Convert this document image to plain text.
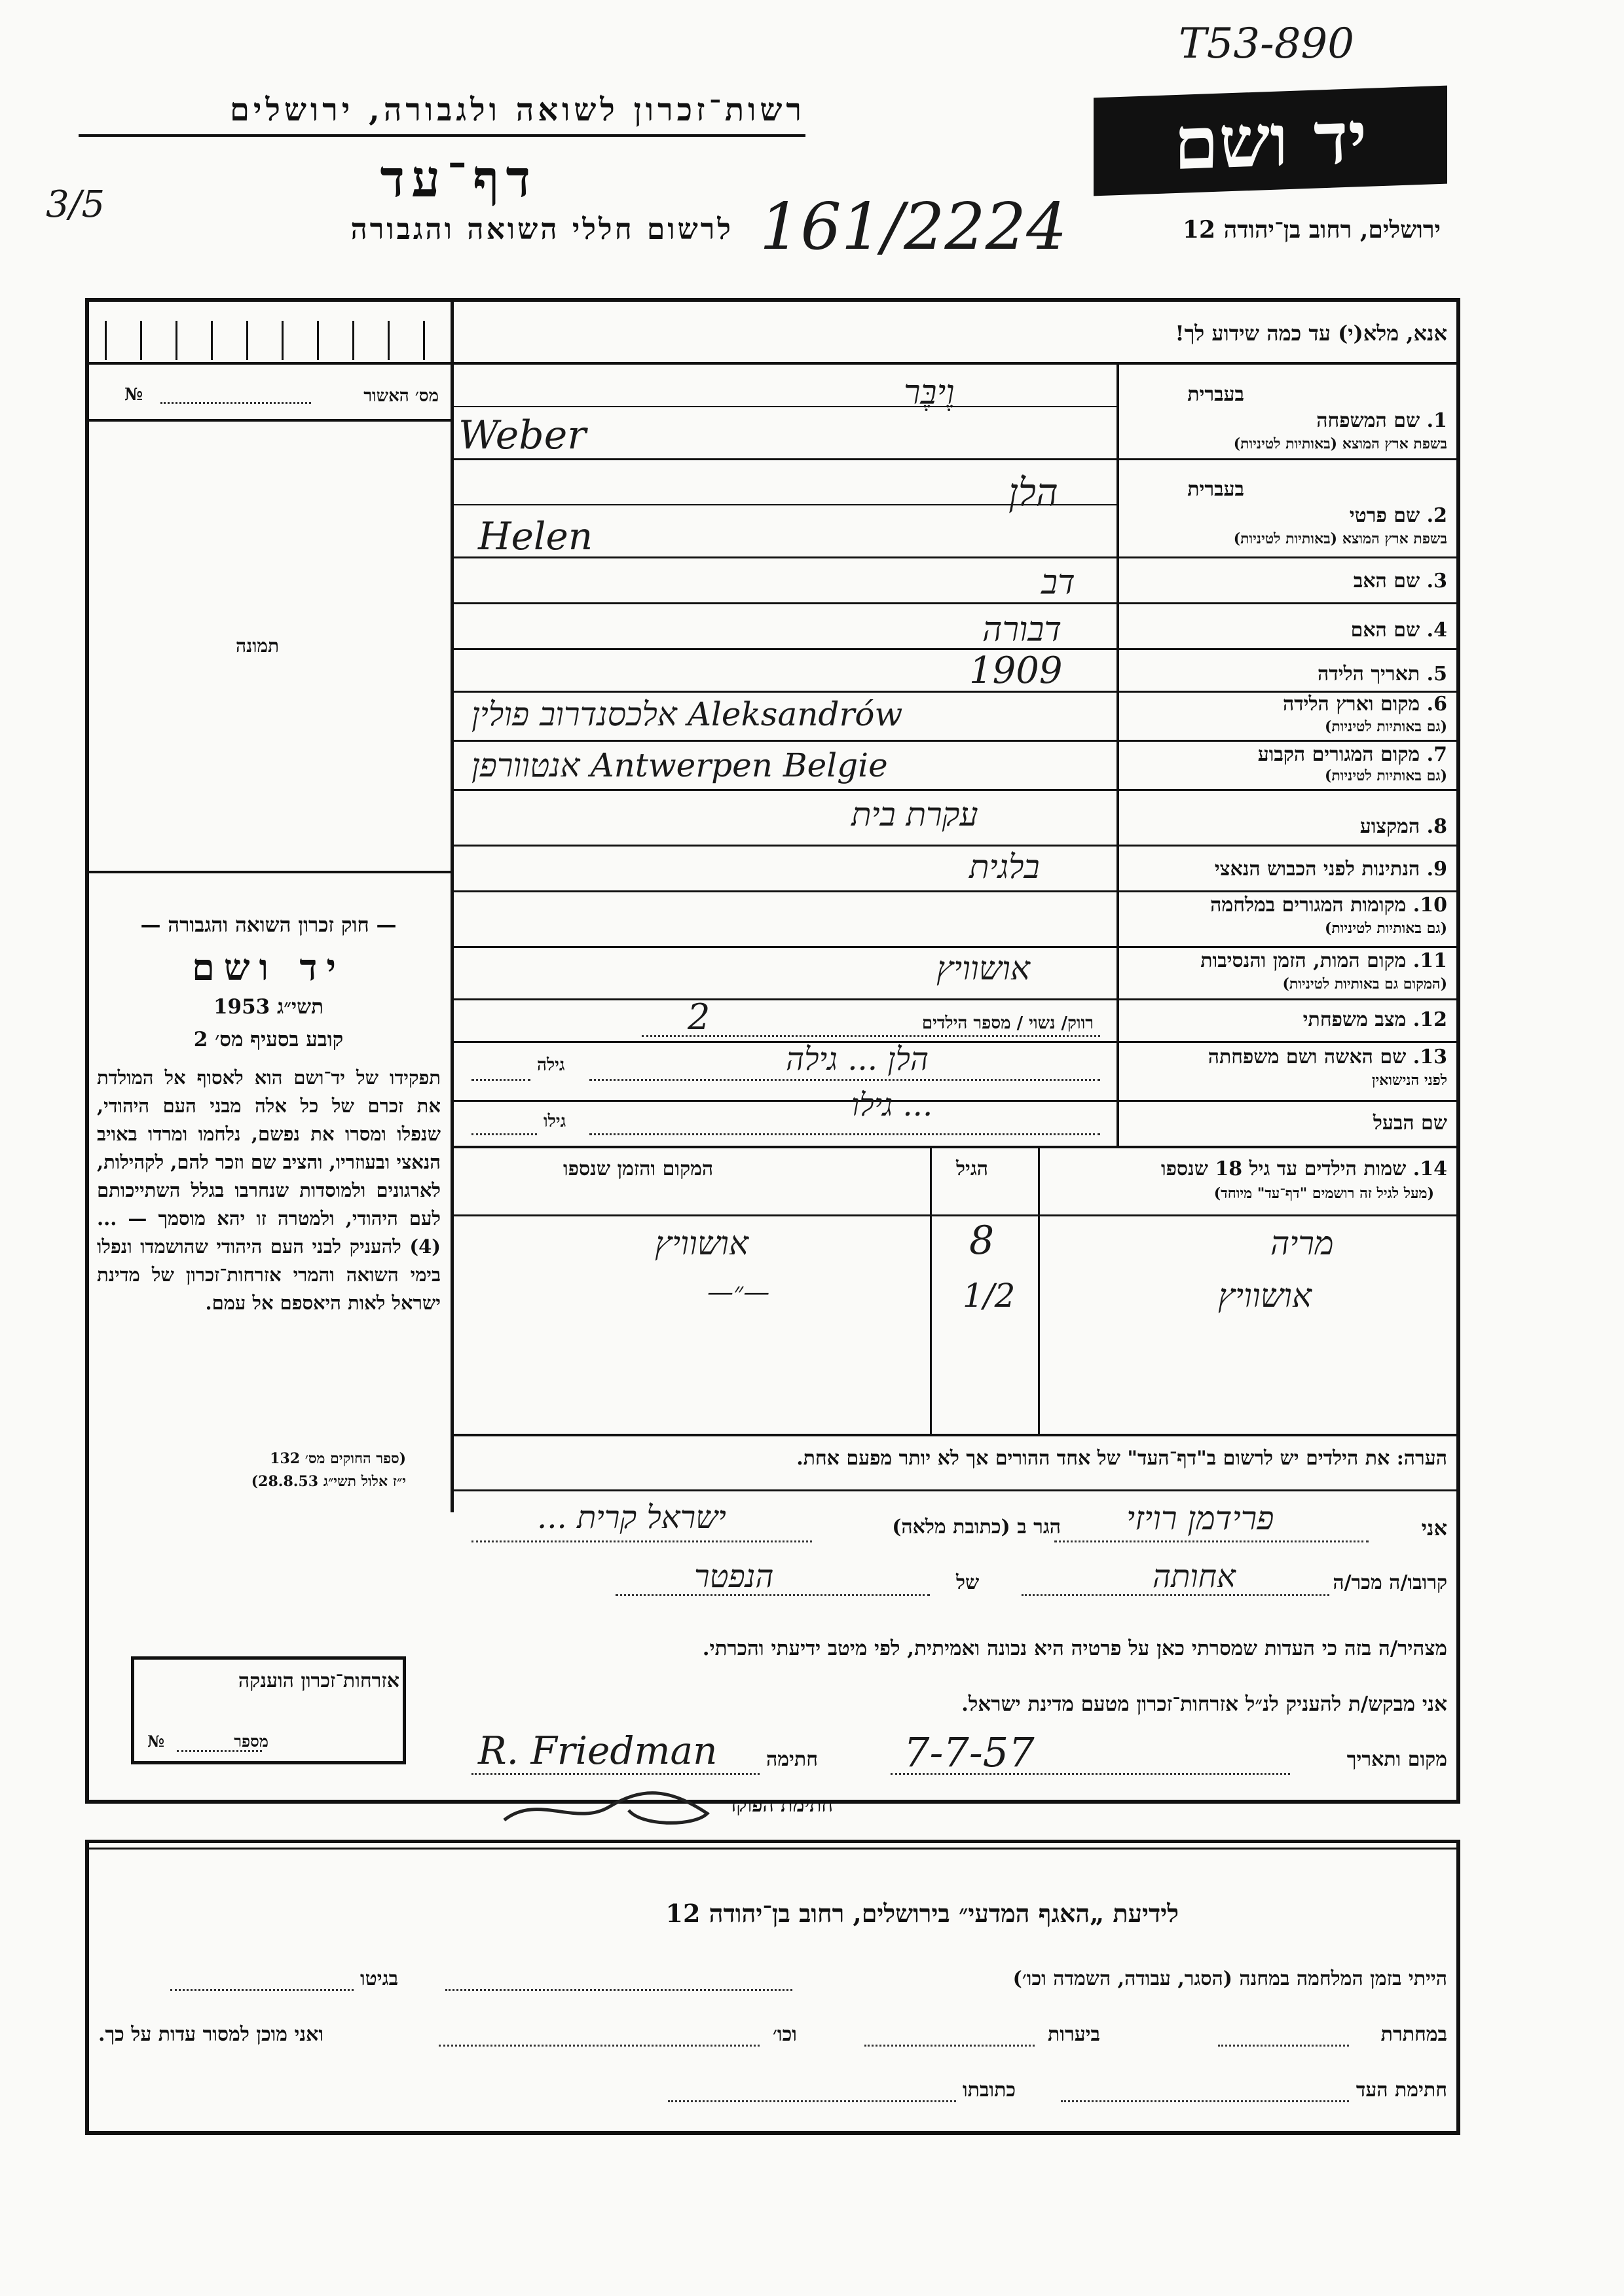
T53-890
רשות־זכרון לשואה ולגבורה, ירושלים
דף־עד
3/5
לרשום חללי השואה והגבורה 161/2224
יד ושם
ירושלים, רחוב בן־יהודה 12
אנא, מלא(י) עד כמה שידוע לך!
מס׳ האשור
№
תמונה
— חוק זכרון השואה והגבורה —
יד ושם
תשי״ג 1953
קובע בסעיף מס׳ 2
תפקידו של יד־ושם הוא לאסוף אל המולדת את זכרם של כל אלה מבני העם היהודי, שנפלו ומסרו את נפשם, נלחמו ומרדו באויב הנאצי ובעוזריו, והציב שם וזכר להם, לקהילות, לארגונים ולמוסדות שנחרבו בגלל השתייכותם לעם היהודי, ולמטרה זו יהא מוסמך — ... (4) להעניק לבני העם היהודי שהושמדו ונפלו בימי השואה והמרי אזרחות־זכרון של מדינת ישראל לאות היאספם אל עמם.
(ספר החוקים מס׳ 132
י״ז אלול תשי״ג 28.8.53)
בעברית
בעברית
1. שם המשפחה
בשפת ארץ המוצא (באותיות לטיניות)
2. שם פרטי
בשפת ארץ המוצא (באותיות לטיניות)
3. שם האב
4. שם האם
5. תאריך הלידה
6. מקום וארץ הלידה
(גם באותיות לטיניות)
7. מקום המגורים הקבוע
(גם באותיות לטיניות)
8. המקצוע
9. הנתינות לפני הכבוש הנאצי
10. מקומות המגורים במלחמה
(גם באותיות לטיניות)
11. מקום המות, הזמן והנסיבות
(המקום גם באותיות לטיניות)
12. מצב משפחתי
13. שם האשה ושם משפחתה
לפני הנישואין
שם הבעל
וֶיבֶּר
Weber
הלן
Helen
דב
דבורה
1909
אלכסנדרוב פולין Aleksandrów
אנטוורפן Antwerpen Belgie
עקרת בית
בלגית
אושוויץ
רווק/ נשוי / מספר הילדים
2
גילה	הלן ... גילה
גילו	... גילו
14. שמות הילדים עד גיל 18 שנספו
(מעל לגיל זה רושמים "דף־עד" מיוחד)
הגיל
המקום והזמן שנספו
מריה
8
אושוויץ
אושוויץ
1/2
—״—
הערה: את הילדים יש לרשום ב"דף־העד" של אחד ההורים אך לא יותר מפעם אחת.
אזרחות־זכרון הוענקה
מספר
№
אני
פרידמן רויזי
הגר ב (כתובת מלאה)
ישראל קרית ...
קרובו/ה מכר/ה
אחותה
של
הנפטר
מצהיר/ה בזה כי העדות שמסרתי כאן על פרטיה היא נכונה ואמיתית, לפי מיטב ידיעתי והכרתי.
אני מבקש/ת להעניק לנ״ל אזרחות־זכרון מטעם מדינת ישראל.
מקום ותאריך
7-7-57
חתימה
R. Friedman
חתימת הפוקד
לידיעת „האגף המדעי״ בירושלים, רחוב בן־יהודה 12
הייתי בזמן המלחמה במחנה (הסגר, עבודה, השמדה וכו׳)
בגיטו
במחתרת
ביערות
וכו׳
ואני מוכן למסור עדות על כך.
חתימת העד
כתובתו
